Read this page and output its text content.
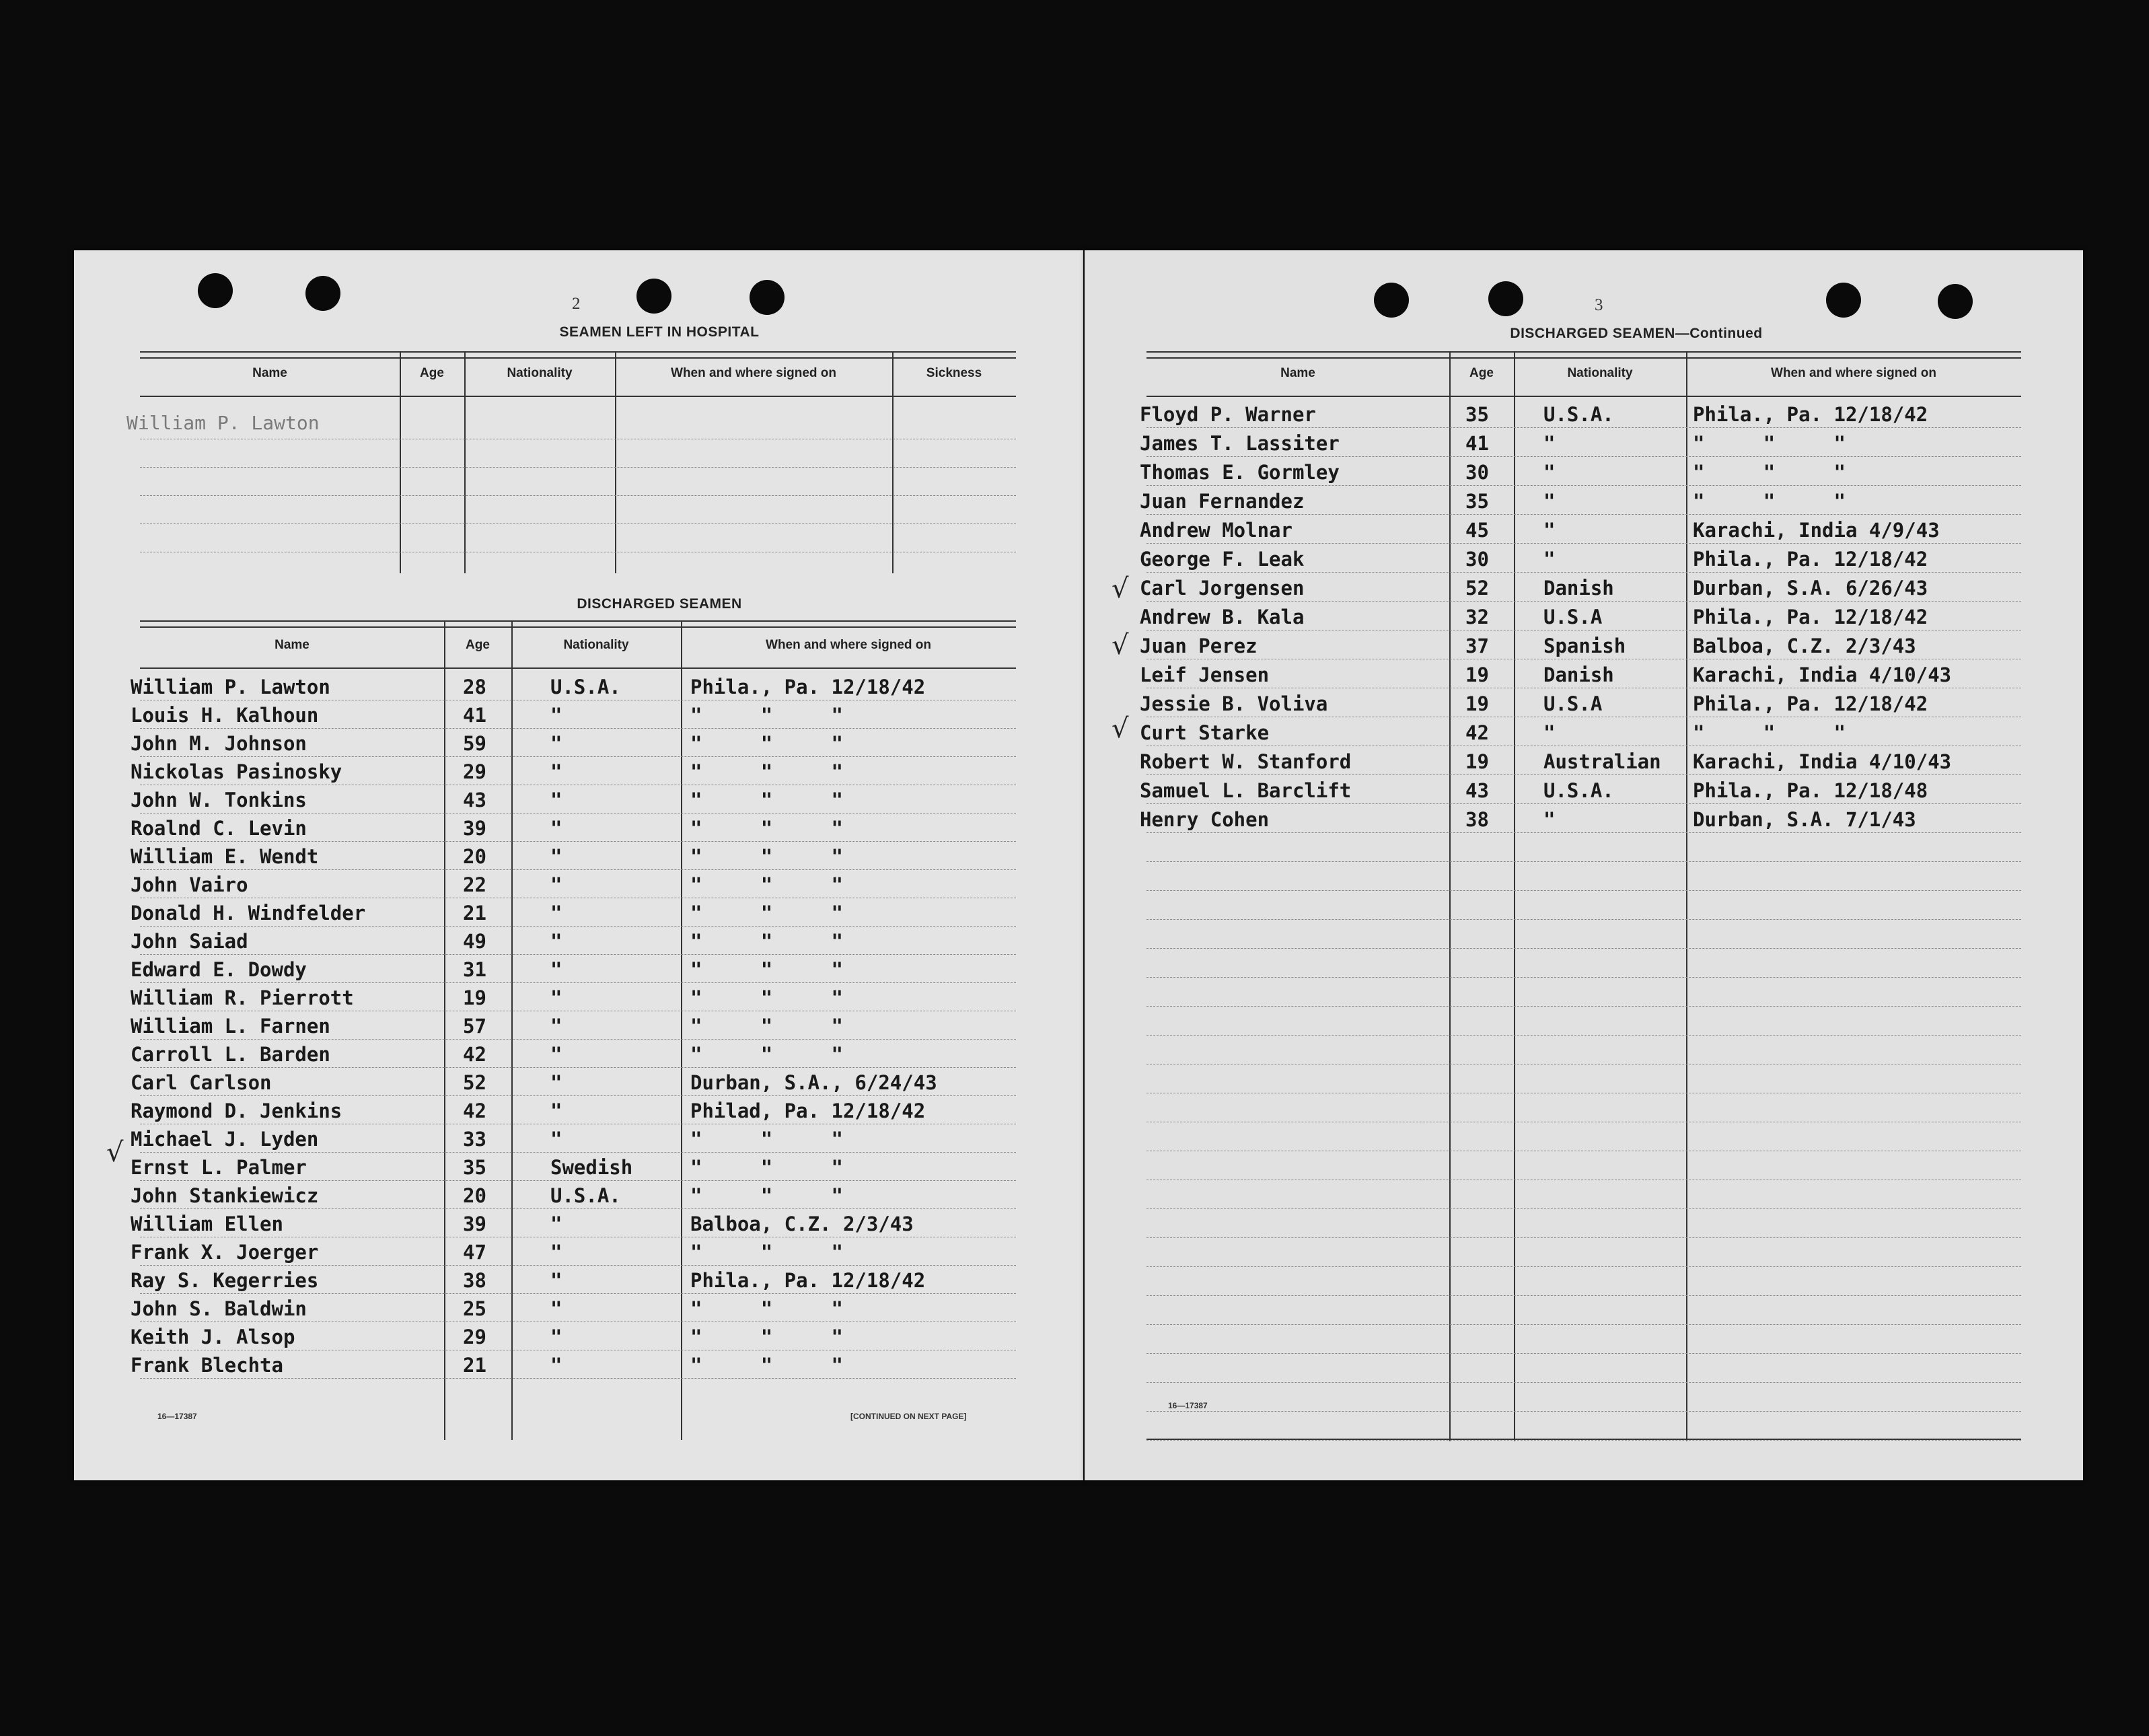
2
SEAMEN LEFT IN HOSPITAL
Name	Age	Nationality	When and where signed on	Sickness
William P. Lawton
DISCHARGED SEAMEN
Name	Age	Nationality	When and where signed on
William P. Lawton	28	U.S.A.	Phila., Pa. 12/18/42
Louis H. Kalhoun	41	"	"     "     "
John M. Johnson	59	"	"     "     "
Nickolas Pasinosky	29	"	"     "     "
John W. Tonkins	43	"	"     "     "
Roalnd C. Levin	39	"	"     "     "
William E. Wendt	20	"	"     "     "
John Vairo	22	"	"     "     "
Donald H. Windfelder	21	"	"     "     "
John Saiad	49	"	"     "     "
Edward E. Dowdy	31	"	"     "     "
William R. Pierrott	19	"	"     "     "
William L. Farnen	57	"	"     "     "
Carroll L. Barden	42	"	"     "     "
Carl Carlson	52	"	Durban, S.A., 6/24/43
Raymond D. Jenkins	42	"	Philad, Pa. 12/18/42
Michael J. Lyden	33	"	"     "     "
Ernst L. Palmer	35	Swedish	"     "     "
John Stankiewicz	20	U.S.A.	"     "     "
William Ellen	39	"	Balboa, C.Z. 2/3/43
Frank X. Joerger	47	"	"     "     "
Ray S. Kegerries	38	"	Phila., Pa. 12/18/42
John S. Baldwin	25	"	"     "     "
Keith J. Alsop	29	"	"     "     "
Frank Blechta	21	"	"     "     "
√
16—17387	[CONTINUED ON NEXT PAGE]
3
DISCHARGED SEAMEN—Continued
Name	Age	Nationality	When and where signed on
Floyd P. Warner	35	U.S.A.	Phila., Pa. 12/18/42
James T. Lassiter	41	"	"     "     "
Thomas E. Gormley	30	"	"     "     "
Juan Fernandez	35	"	"     "     "
Andrew Molnar	45	"	Karachi, India 4/9/43
George F. Leak	30	"	Phila., Pa. 12/18/42
Carl Jorgensen	52	Danish	Durban, S.A. 6/26/43
Andrew B. Kala	32	U.S.A	Phila., Pa. 12/18/42
Juan Perez	37	Spanish	Balboa, C.Z. 2/3/43
Leif Jensen	19	Danish	Karachi, India 4/10/43
Jessie B. Voliva	19	U.S.A	Phila., Pa. 12/18/42
Curt Starke	42	"	"     "     "
Robert W. Stanford	19	Australian Karachi, India 4/10/43
Samuel L. Barclift	43	U.S.A.	Phila., Pa. 12/18/48
Henry Cohen	38	"	Durban, S.A. 7/1/43
√
√
√
16—17387
